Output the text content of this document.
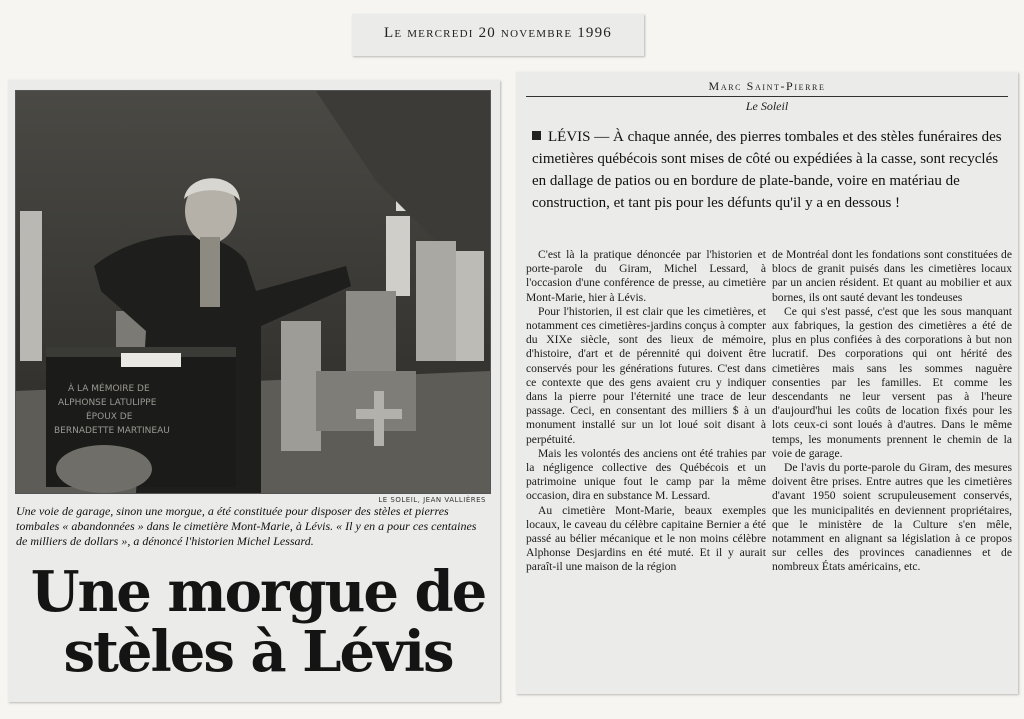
Le mercredi 20 novembre 1996
À LA MÉMOIRE DE
ALPHONSE LATULIPPE
ÉPOUX DE
BERNADETTE MARTINEAU
LE SOLEIL, JEAN VALLIÈRES
Une voie de garage, sinon une morgue, a été constituée pour disposer des stèles et pierres tombales « abandonnées » dans le cimetière Mont-Marie, à Lévis. « Il y en a pour ces centaines de milliers de dollars », a dénoncé l'historien Michel Lessard.
Une morgue de
stèles à Lévis
Marc Saint-Pierre
Le Soleil
LÉVIS — À chaque année, des pierres tombales et des stèles funéraires des cimetières québécois sont mises de côté ou expédiées à la casse, sont recyclés en dallage de patios ou en bordure de plate-bande, voire en matériau de construction, et tant pis pour les défunts qu'il y a en dessous !

C'est là la pratique dénoncée par l'historien et porte-parole du Giram, Michel Lessard, à l'occasion d'une conférence de presse, au cimetière Mont-Marie, hier à Lévis.

Pour l'historien, il est clair que les cimetières, et notamment ces cimetières-jardins conçus à compter du XIXe siècle, sont des lieux de mémoire, d'histoire, d'art et de pérennité qui doivent être conservés pour les générations futures. C'est dans ce contexte que des gens avaient cru y indiquer dans la pierre pour l'éternité une trace de leur passage. Ceci, en consentant des milliers $ à un monument installé sur un lot loué soit disant à perpétuité.

Mais les volontés des anciens ont été trahies par la négligence collective des Québécois et un patrimoine unique fout le camp par la même occasion, dira en substance M. Lessard.

Au cimetière Mont-Marie, beaux exemples locaux, le caveau du célèbre capitaine Bernier a été passé au bélier mécanique et le non moins célèbre Alphonse Desjardins en été muté. Et il y aurait paraît-il une maison de la région

de Montréal dont les fondations sont constituées de blocs de granit puisés dans les cimetières locaux par un ancien résident. Et quant au mobilier et aux bornes, ils ont sauté devant les tondeuses

Ce qui s'est passé, c'est que les sous manquant aux fabriques, la gestion des cimetières a été de plus en plus confiées à des corporations à but non lucratif. Des corporations qui ont hérité des cimetières mais sans les sommes naguère consenties par les familles. Et comme les descendants ne leur versent pas à l'heure d'aujourd'hui les coûts de location fixés pour les lots ceux-ci sont loués à d'autres. Dans le même temps, les monuments prennent le chemin de la voie de garage.

De l'avis du porte-parole du Giram, des mesures doivent être prises. Entre autres que les cimetières d'avant 1950 soient scrupuleusement conservés, que les municipalités en deviennent propriétaires, que le ministère de la Culture s'en mêle, notamment en alignant sa législation à ce propos sur celles des provinces canadiennes et de nombreux États américains, etc.
